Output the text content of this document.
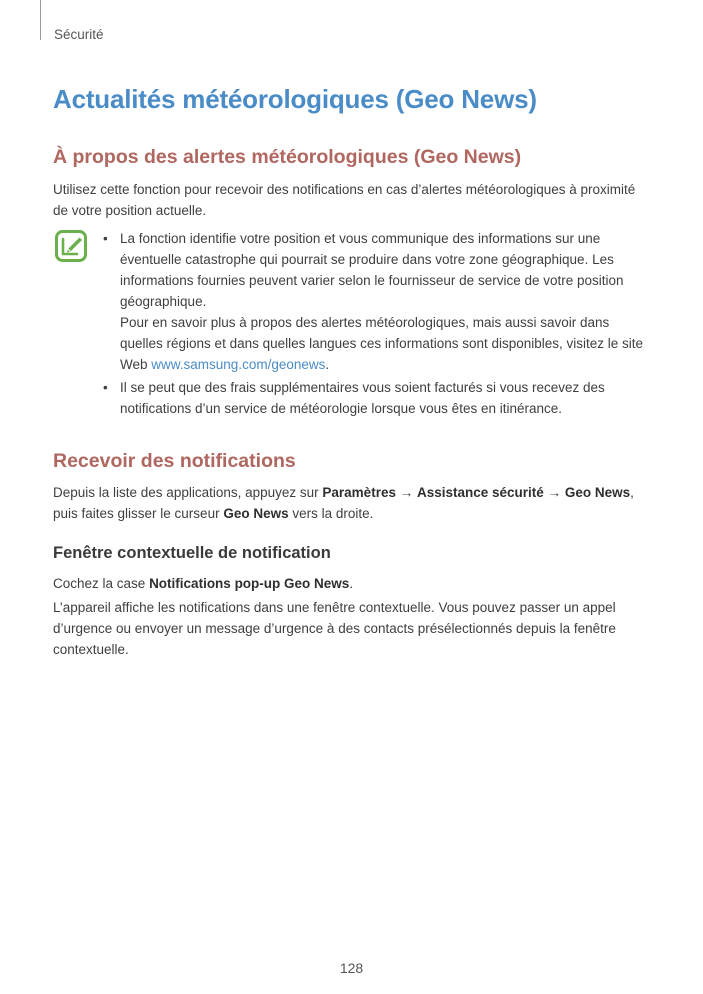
Sécurité
Actualités météorologiques (Geo News)
À propos des alertes météorologiques (Geo News)
Utilisez cette fonction pour recevoir des notifications en cas d’alertes météorologiques à proximité de votre position actuelle.

• La fonction identifie votre position et vous communique des informations sur une éventuelle catastrophe qui pourrait se produire dans votre zone géographique. Les informations fournies peuvent varier selon le fournisseur de service de votre position géographique.

Pour en savoir plus à propos des alertes météorologiques, mais aussi savoir dans quelles régions et dans quelles langues ces informations sont disponibles, visitez le site Web www.samsung.com/geonews.

• Il se peut que des frais supplémentaires vous soient facturés si vous recevez des notifications d’un service de météorologie lorsque vous êtes en itinérance.

Recevoir des notifications
Depuis la liste des applications, appuyez sur Paramètres → Assistance sécurité → Geo News, puis faites glisser le curseur Geo News vers la droite.
Fenêtre contextuelle de notification
Cochez la case Notifications pop-up Geo News.
L’appareil affiche les notifications dans une fenêtre contextuelle. Vous pouvez passer un appel d’urgence ou envoyer un message d’urgence à des contacts présélectionnés depuis la fenêtre contextuelle.
128
